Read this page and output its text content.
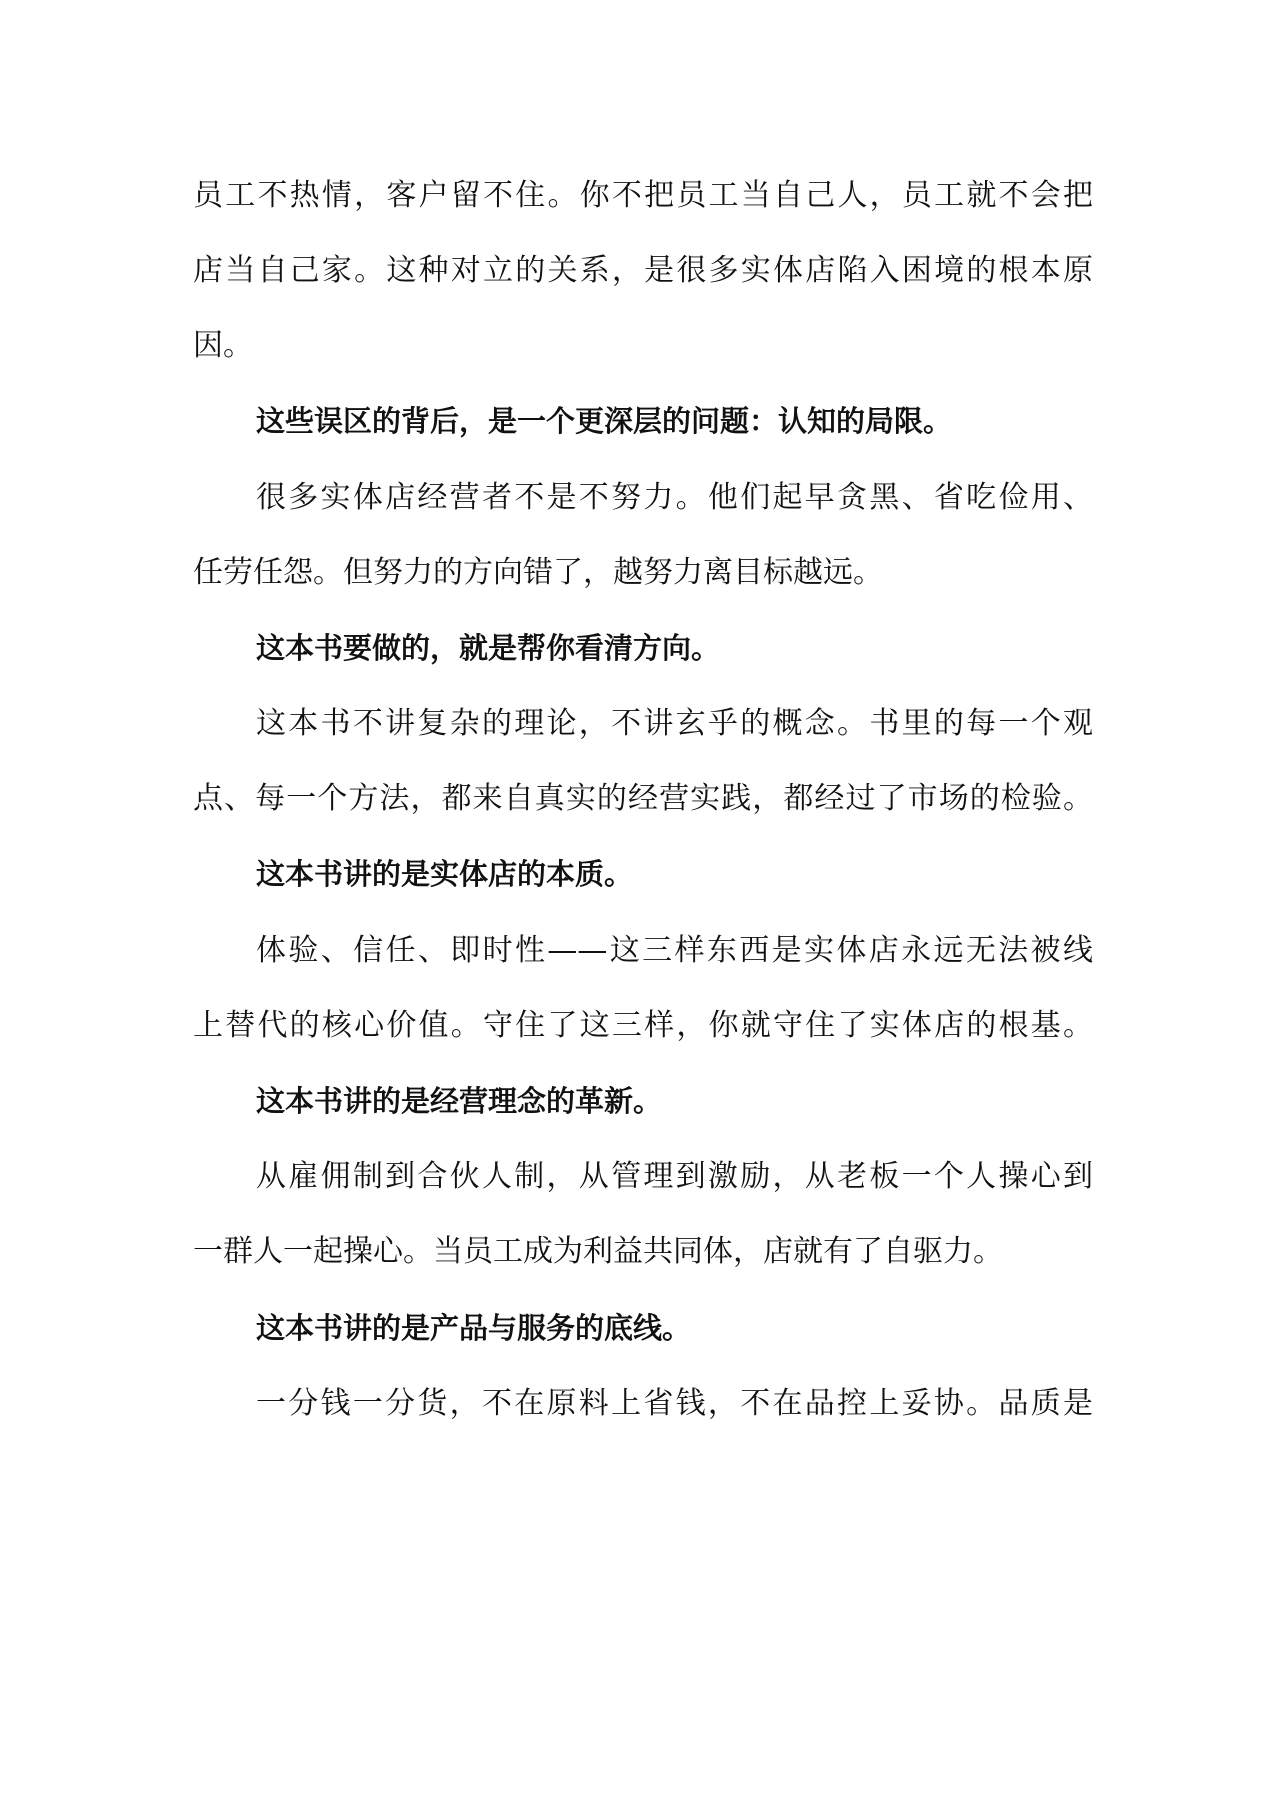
员工不热情，客户留不住。你不把员工当自己人，员工就不会把
店当自己家。这种对立的关系，是很多实体店陷入困境的根本原
因。
这些误区的背后，是一个更深层的问题：认知的局限。
很多实体店经营者不是不努力。他们起早贪黑、省吃俭用、
任劳任怨。但努力的方向错了，越努力离目标越远。
这本书要做的，就是帮你看清方向。
这本书不讲复杂的理论，不讲玄乎的概念。书里的每一个观
点、每一个方法，都来自真实的经营实践，都经过了市场的检验。
这本书讲的是实体店的本质。
体验、信任、即时性——这三样东西是实体店永远无法被线
上替代的核心价值。守住了这三样，你就守住了实体店的根基。
这本书讲的是经营理念的革新。
从雇佣制到合伙人制，从管理到激励，从老板一个人操心到
一群人一起操心。当员工成为利益共同体，店就有了自驱力。
这本书讲的是产品与服务的底线。
一分钱一分货，不在原料上省钱，不在品控上妥协。品质是
